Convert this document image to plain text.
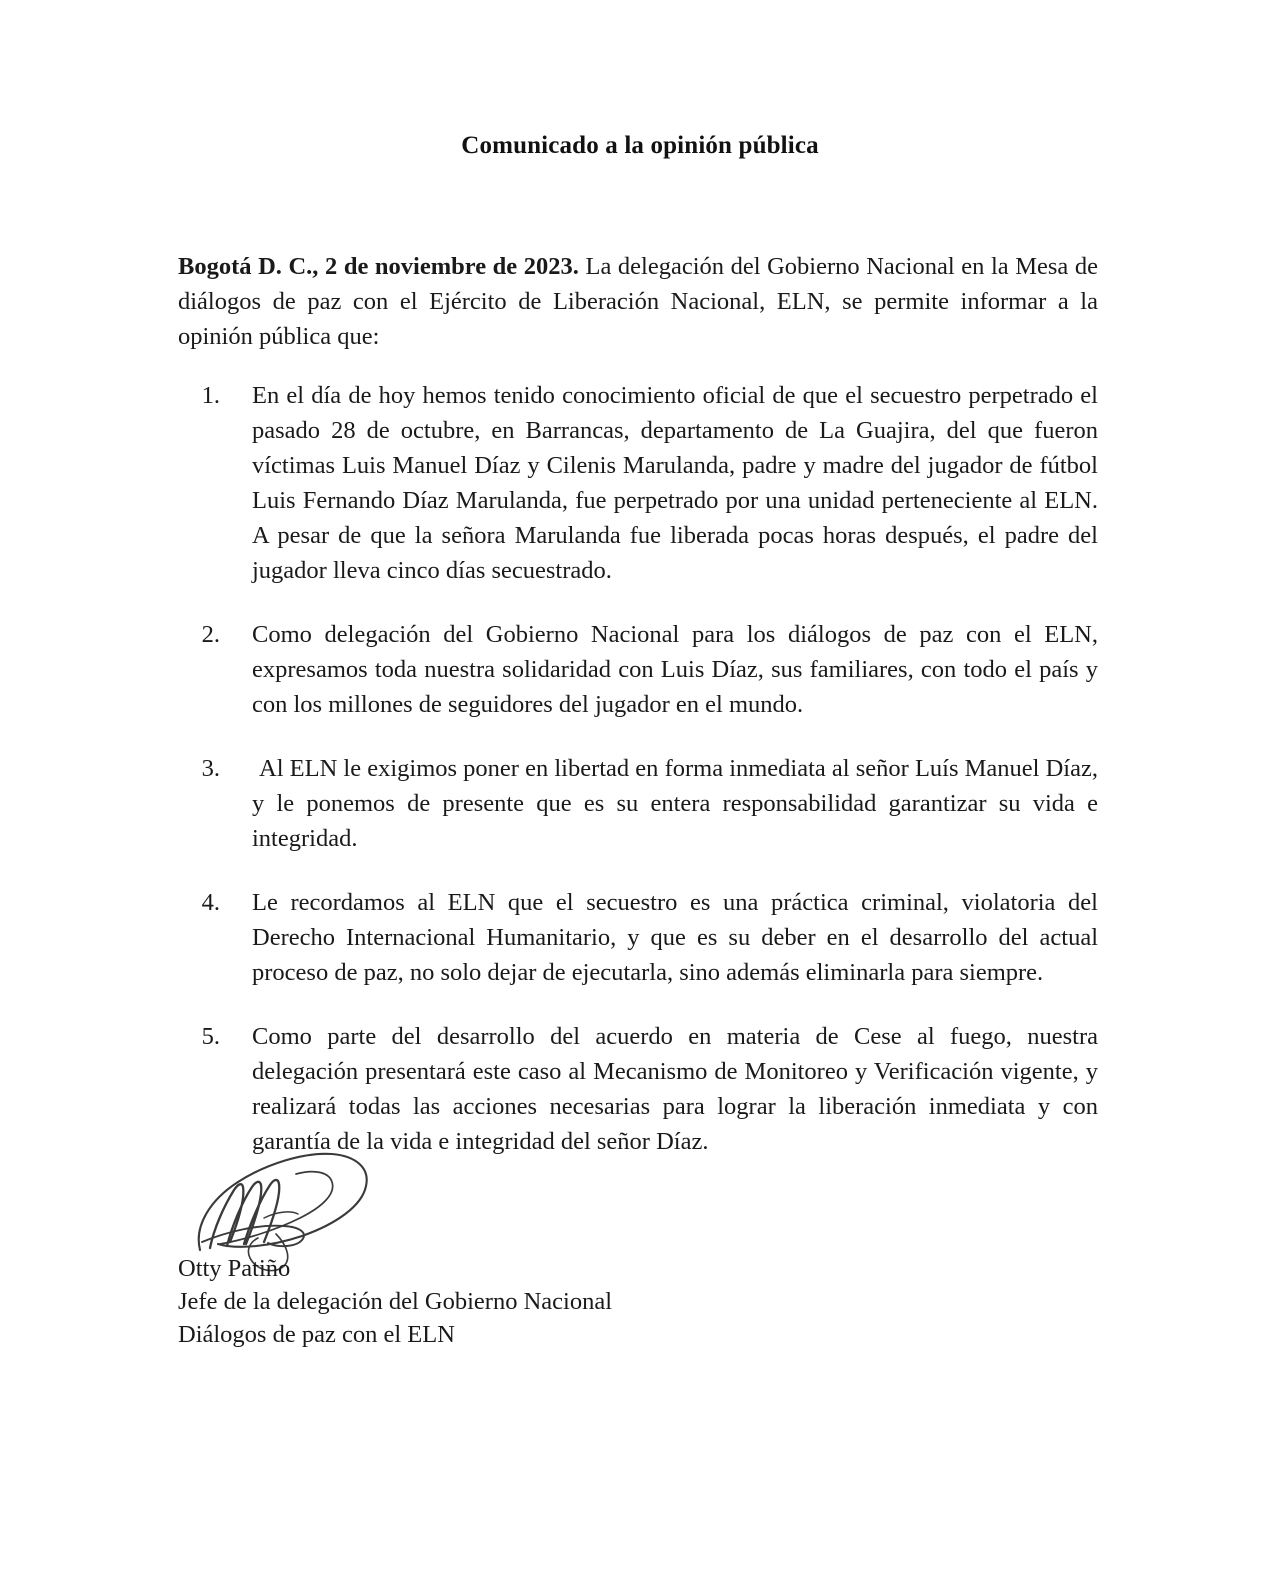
Comunicado a la opinión pública

Bogotá D. C., 2 de noviembre de 2023. La delegación del Gobierno Nacional en la Mesa de diálogos de paz con el Ejército de Liberación Nacional, ELN, se permite informar a la opinión pública que:

1.	En el día de hoy hemos tenido conocimiento oficial de que el secuestro perpetrado el pasado 28 de octubre, en Barrancas, departamento de La Guajira, del que fueron víctimas Luis Manuel Díaz y Cilenis Marulanda, padre y madre del jugador de fútbol Luis Fernando Díaz Marulanda, fue perpetrado por una unidad perteneciente al ELN. A pesar de que la señora Marulanda fue liberada pocas horas después, el padre del jugador lleva cinco días secuestrado.
2.	Como delegación del Gobierno Nacional para los diálogos de paz con el ELN, expresamos toda nuestra solidaridad con Luis Díaz, sus familiares, con todo el país y con los millones de seguidores del jugador en el mundo.
3.	Al ELN le exigimos poner en libertad en forma inmediata al señor Luís Manuel Díaz, y le ponemos de presente que es su entera responsabilidad garantizar su vida e integridad.
4.	Le recordamos al ELN que el secuestro es una práctica criminal, violatoria del Derecho Internacional Humanitario, y que es su deber en el desarrollo del actual proceso de paz, no solo dejar de ejecutarla, sino además eliminarla para siempre.
5.	Como parte del desarrollo del acuerdo en materia de Cese al fuego, nuestra delegación presentará este caso al Mecanismo de Monitoreo y Verificación vigente, y realizará todas las acciones necesarias para lograr la liberación inmediata y con garantía de la vida e integridad del señor Díaz.
Otty Patiño
Jefe de la delegación del Gobierno Nacional
Diálogos de paz con el ELN
